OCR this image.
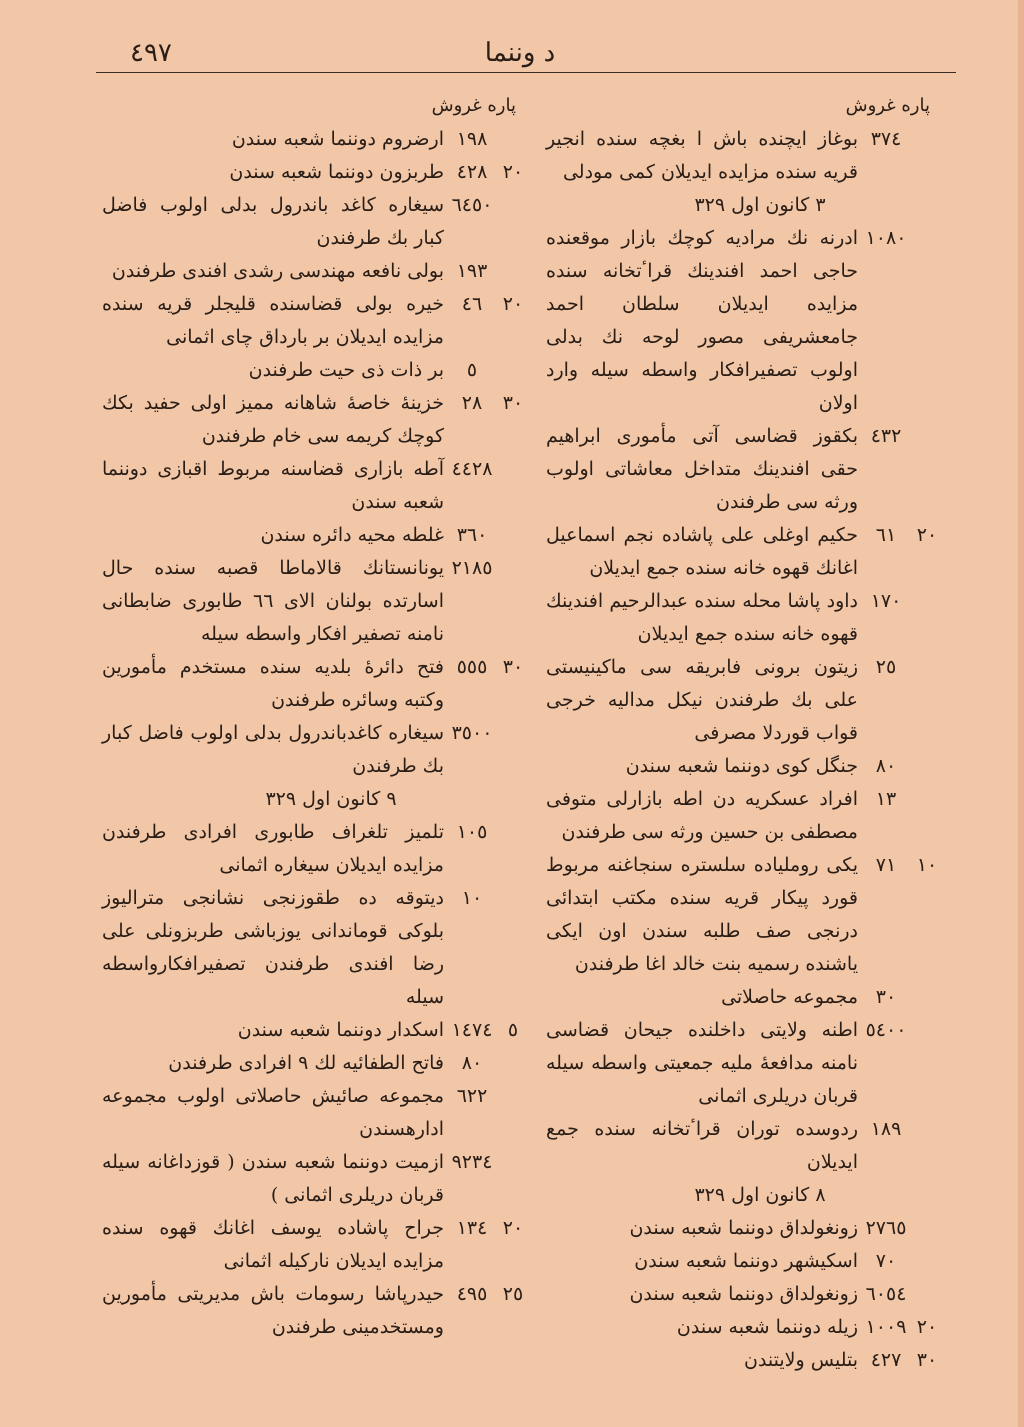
د وننما
٤٩٧
پاره غروش
٣٧٤
بوغاز ایچنده باش ا بغچه سنده انجیر قریه سنده مزایده ایدیلان کمی مودلی
٣ کانون اول ٣٢٩
١٠٨٠
ادرنه نك مرادیه کوچك بازار موقعنده حاجی احمد افندینك قراٴتخانه سنده مزایده ایدیلان سلطان احمد جامعشریفی مصور لوحه نك بدلی اولوب تصفیرافکار واسطه سیله وارد اولان
٤٣٢
بکقوز قضاسی آتی مأموری ابراهیم حقی افندینك متداخل معاشاتی اولوب ورثه سی طرفندن
٢٠
٦١
حکیم اوغلی علی پاشاده نجم اسماعیل اغانك قهوه خانه سنده جمع ایدیلان
١٧٠
داود پاشا محله سنده عبدالرحیم افندینك قهوه خانه سنده جمع ایدیلان
٢٥
زیتون برونی فابریقه سی ماکینیستی علی بك طرفندن نیکل مدالیه خرجی قواب قوردلا مصرفی
٨٠
جنگل کوی دوننما شعبه سندن
١٣
افراد عسکریه دن اطه بازارلی متوفی مصطفی بن حسین ورثه سی طرفندن
١٠
٧١
یکی روملیاده سلستره سنجاغنه مربوط قورد پیکار قریه سنده مکتب ابتدائی درنجی صف طلبه سندن اون ایکی یاشنده رسمیه بنت خالد اغا طرفندن
٣٠
مجموعه حاصلاتی
٥٤٠٠
اطنه ولایتی داخلنده جیحان قضاسی نامنه مدافعهٔ ملیه جمعیتی واسطه سیله قربان دریلری اثمانی
١٨٩
ردوسده توران قراٴتخانه سنده جمع ایدیلان
٨ کانون اول ٣٢٩
٢٧٦٥
زونغولداق دوننما شعبه سندن
٧٠
اسکیشهر دوننما شعبه سندن
٦٠٥٤
زونغولداق دوننما شعبه سندن
٢٠
١٠٠٩
زیله دوننما شعبه سندن
٣٠
٤٢٧
بتلیس ولایتندن
پاره غروش
١٩٨
ارضروم دوننما شعبه سندن
٢٠
٤٢٨
طربزون دوننما شعبه سندن
٦٤٥٠
سیغاره کاغد باندرول بدلی اولوب فاضل کبار بك طرفندن
١٩٣
بولی نافعه مهندسی رشدی افندی طرفندن
٢٠
٤٦
خیره بولی قضاسنده قلیجلر قریه سنده مزایده ایدیلان بر بارداق چای اثمانی
٥
بر ذات ذی حیت طرفندن
٣٠
٢٨
خزینهٔ خاصهٔ شاهانه ممیز اولی حفید بکك کوچك کریمه سی خام طرفندن
٤٤٢٨
آطه بازاری قضاسنه مربوط اقبازی دوننما شعبه سندن
٣٦٠
غلطه محیه دائره سندن
٢١٨٥
یونانستانك قالاماطا قصبه سنده حال اسارتده بولنان الای ٦٦ طابوری ضابطانی نامنه تصفیر افکار واسطه سیله
٣٠
٥٥٥
فتح دائرهٔ بلدیه سنده مستخدم مأمورین وکتبه وسائره طرفندن
٣٥٠٠
سیغاره کاغدباندرول بدلی اولوب فاضل کبار بك طرفندن
٩ کانون اول ٣٢٩
١٠٥
تلمیز تلغراف طابوری افرادی طرفندن مزایده ایدیلان سیغاره اثمانی
١٠
دیتوقه ده طقوزنجی نشانجی مترالیوز بلوکی قوماندانی یوزباشی طربزونلی علی رضا افندی طرفندن تصفیرافکارواسطه سیله
٥
١٤٧٤
اسکدار دوننما شعبه سندن
٨٠
فاتح الطفائیه لك ٩ افرادی طرفندن
٦٢٢
مجموعه صائیش حاصلاتی اولوب مجموعه ادارهسندن
٩٢٣٤
ازمیت دوننما شعبه سندن ( قوزداغانه سیله قربان دریلری اثمانی )
٢٠
١٣٤
جراح پاشاده یوسف اغانك قهوه سنده مزایده ایدیلان نارکیله اثمانی
٢٥
٤٩٥
حیدرپاشا رسومات باش مدیریتی مأمورین ومستخدمینی طرفندن
